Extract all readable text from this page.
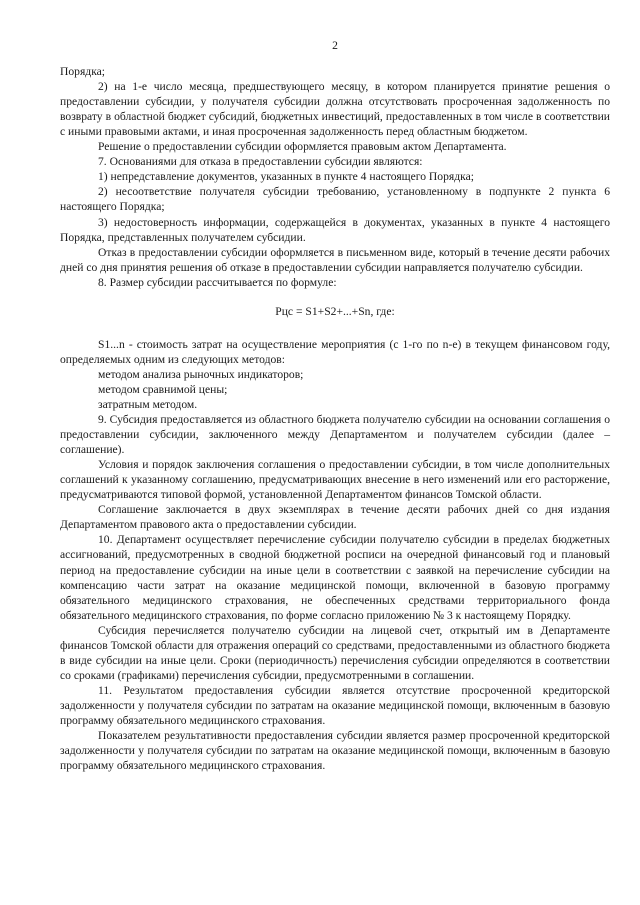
2

Порядка;

2) на 1-е число месяца, предшествующего месяцу, в котором планируется принятие решения о предоставлении субсидии, у получателя субсидии должна отсутствовать просроченная задолженность по возврату в областной бюджет субсидий, бюджетных инвестиций, предоставленных в том числе в соответствии с иными правовыми актами, и иная просроченная задолженность перед областным бюджетом.

Решение о предоставлении субсидии оформляется правовым актом Департамента.

7. Основаниями для отказа в предоставлении субсидии являются:

1) непредставление документов, указанных в пункте 4 настоящего Порядка;

2) несоответствие получателя субсидии требованию, установленному в подпункте 2 пункта 6 настоящего Порядка;

3) недостоверность информации, содержащейся в документах, указанных в пункте 4 настоящего Порядка, представленных получателем субсидии.

Отказ в предоставлении субсидии оформляется в письменном виде, который в течение десяти рабочих дней со дня принятия решения об отказе в предоставлении субсидии направляется получателю субсидии.

8. Размер субсидии рассчитывается по формуле:

Рцс = S1+S2+...+Sn, где:

S1...n - стоимость затрат на осуществление мероприятия (с 1-го по n-е) в текущем финансовом году, определяемых одним из следующих методов:

методом анализа рыночных индикаторов;

методом сравнимой цены;

затратным методом.

9. Субсидия предоставляется из областного бюджета получателю субсидии на основании соглашения о предоставлении субсидии, заключенного между Департаментом и получателем субсидии (далее – соглашение).

Условия и порядок заключения соглашения о предоставлении субсидии, в том числе дополнительных соглашений к указанному соглашению, предусматривающих внесение в него изменений или его расторжение, предусматриваются типовой формой, установленной Департаментом финансов Томской области.

Соглашение заключается в двух экземплярах в течение десяти рабочих дней со дня издания Департаментом правового акта о предоставлении субсидии.

10. Департамент осуществляет перечисление субсидии получателю субсидии в пределах бюджетных ассигнований, предусмотренных в сводной бюджетной росписи на очередной финансовый год и плановый период на предоставление субсидии на иные цели в соответствии с заявкой на перечисление субсидии на компенсацию части затрат на оказание медицинской помощи, включенной в базовую программу обязательного медицинского страхования, не обеспеченных средствами территориального фонда обязательного медицинского страхования, по форме согласно приложению № 3 к настоящему Порядку.

Субсидия перечисляется получателю субсидии на лицевой счет, открытый им в Департаменте финансов Томской области для отражения операций со средствами, предоставленными из областного бюджета в виде субсидии на иные цели. Сроки (периодичность) перечисления субсидии определяются в соответствии со сроками (графиками) перечисления субсидии, предусмотренными в соглашении.

11. Результатом предоставления субсидии является отсутствие просроченной кредиторской задолженности у получателя субсидии по затратам на оказание медицинской помощи, включенным в базовую программу обязательного медицинского страхования.

Показателем результативности предоставления субсидии является размер просроченной кредиторской задолженности у получателя субсидии по затратам на оказание медицинской помощи, включенным в базовую программу обязательного медицинского страхования.
